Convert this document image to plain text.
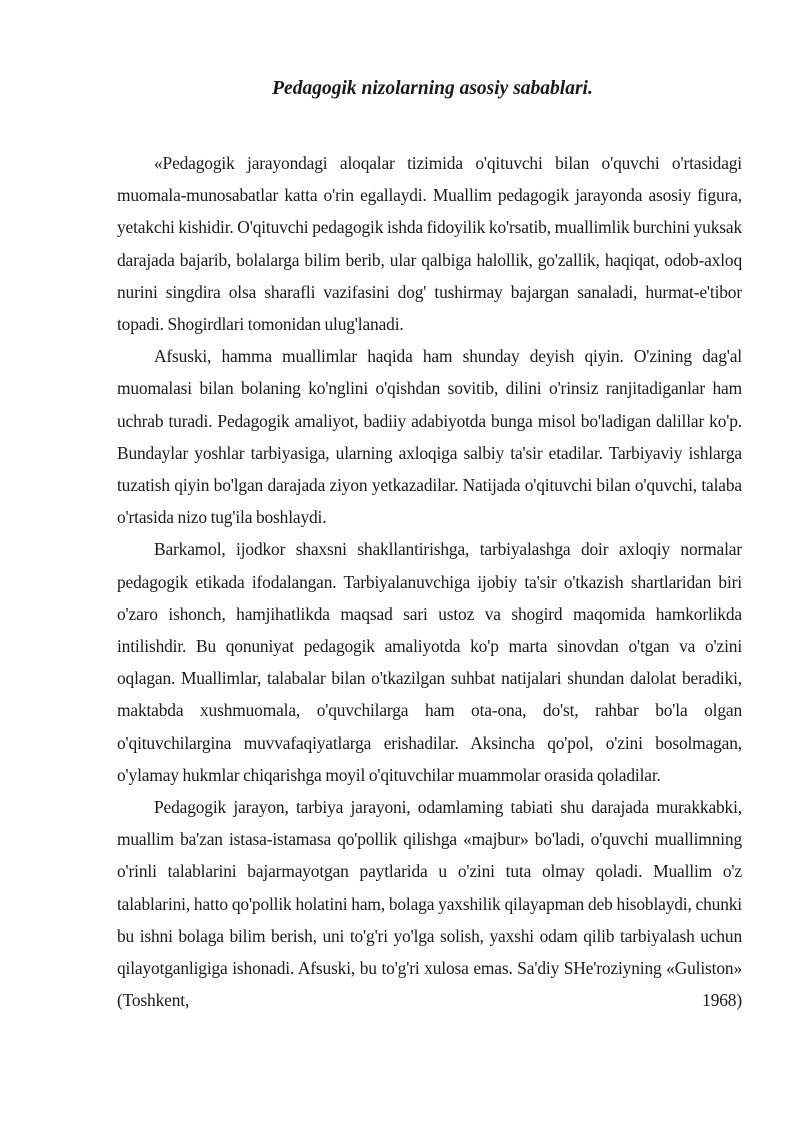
Pedagogik nizolarning asosiy sabablari.

«Pedagogik jarayondagi aloqalar tizimida o'qituvchi bilan o'quvchi o'rtasidagi muomala-munosabatlar katta o'rin egallaydi. Muallim pedagogik jarayonda asosiy figura, yetakchi kishidir. O'qituvchi pedagogik ishda fidoyilik ko'rsatib, muallimlik burchini yuksak darajada bajarib, bolalarga bilim berib, ular qalbiga halollik, go'zallik, haqiqat, odob-axloq nurini singdira olsa sharafli vazifasini dog' tushirmay bajargan sanaladi, hurmat-e'tibor topadi. Shogirdlari tomonidan ulug'lanadi.

Afsuski, hamma muallimlar haqida ham shunday deyish qiyin. O'zining dag'al muomalasi bilan bolaning ko'nglini o'qishdan sovitib, dilini o'rinsiz ranjitadiganlar ham uchrab turadi. Pedagogik amaliyot, badiiy adabiyotda bunga misol bo'ladigan dalillar ko'p. Bundaylar yoshlar tarbiyasiga, ularning axloqiga salbiy ta'sir etadilar. Tarbiyaviy ishlarga tuzatish qiyin bo'lgan darajada ziyon yetkazadilar. Natijada o'qituvchi bilan o'quvchi, talaba o'rtasida nizo tug'ila boshlaydi.

Barkamol, ijodkor shaxsni shakllantirishga, tarbiyalashga doir axloqiy normalar pedagogik etikada ifodalangan. Tarbiyalanuvchiga ijobiy ta'sir o'tkazish shartlaridan biri o'zaro ishonch, hamjihatlikda maqsad sari ustoz va shogird maqomida hamkorlikda intilishdir. Bu qonuniyat pedagogik amaliyotda ko'p marta sinovdan o'tgan va o'zini oqlagan. Muallimlar, talabalar bilan o'tkazilgan suhbat natijalari shundan dalolat beradiki, maktabda xushmuomala, o'quvchilarga ham ota-ona, do'st, rahbar bo'la olgan o'qituvchilargina muvvafaqiyatlarga erishadilar. Aksincha qo'pol, o'zini bosolmagan, o'ylamay hukmlar chiqarishga moyil o'qituvchilar muammolar orasida qoladilar.

Pedagogik jarayon, tarbiya jarayoni, odamlaming tabiati shu darajada murakkabki, muallim ba'zan istasa-istamasa qo'pollik qilishga «majbur» bo'ladi, o'quvchi muallimning o'rinli talablarini bajarmayotgan paytlarida u o'zini tuta olmay qoladi. Muallim o'z talablarini, hatto qo'pollik holatini ham, bolaga yaxshilik qilayapman deb hisoblaydi, chunki bu ishni bolaga bilim berish, uni to'g'ri yo'lga solish, yaxshi odam qilib tarbiyalash uchun qilayotganligiga ishonadi. Afsuski, bu to'g'ri xulosa emas. Sa'diy SHe'roziyning «Guliston» (Toshkent, 1968)
